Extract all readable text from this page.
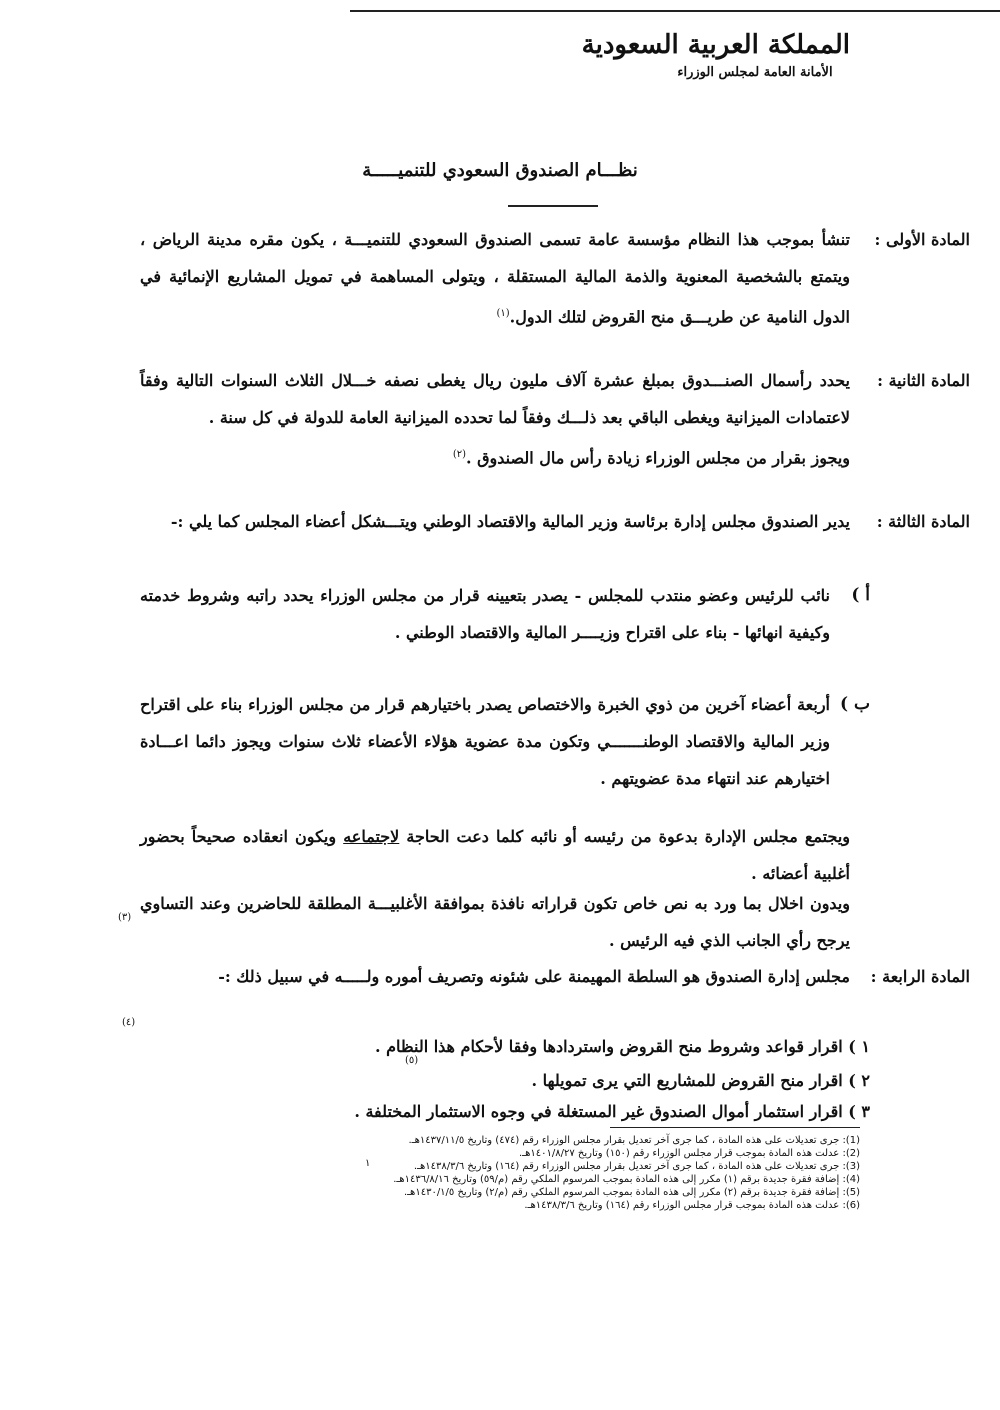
المملكة العربية السعودية
الأمانة العامة لمجلس الوزراء
نظـــام الصندوق السعودي للتنميـــــة
المادة الأولى :
تنشأ بموجب هذا النظام مؤسسة عامة تسمى الصندوق السعودي للتنميـــة ، يكون مقره مدينة الرياض ، ويتمتع بالشخصية المعنوية والذمة المالية المستقلة ، ويتولى المساهمة في تمويل المشاريع الإنمائية في الدول النامية عن طريـــق منح القروض لتلك الدول.$^{(١)}$
المادة الثانية :
يحدد رأسمال الصنـــدوق بمبلغ عشرة آلاف مليون ريال يغطى نصفه خـــلال الثلاث السنوات التالية وفقاً لاعتمادات الميزانية ويغطى الباقي بعد ذلـــك وفقاً لما تحدده الميزانية العامة للدولة في كل سنة .
ويجوز بقرار من مجلس الوزراء زيادة رأس مال الصندوق .$^{(٢)}$
المادة الثالثة :
يدير الصندوق مجلس إدارة برئاسة وزير المالية والاقتصاد الوطني ويتـــشكل أعضاء المجلس كما يلي :-
أ )
نائب للرئيس وعضو منتدب للمجلس - يصدر بتعيينه قرار من مجلس الوزراء يحدد راتبه وشروط خدمته وكيفية انهائها - بناء على اقتراح وزيــــر المالية والاقتصاد الوطني .
ب )
أربعة أعضاء آخرين من ذوي الخبرة والاختصاص يصدر باختيارهم قرار من مجلس الوزراء بناء على اقتراح وزير المالية والاقتصاد الوطنـــــــي وتكون مدة عضوية هؤلاء الأعضاء ثلاث سنوات ويجوز دائما اعـــادة اختيارهم عند انتهاء مدة عضويتهم .
ويجتمع مجلس الإدارة بدعوة من رئيسه أو نائبه كلما دعت الحاجة لاجتماعه ويكون انعقاده صحيحاً بحضور أغلبية أعضائه .
ويدون اخلال بما ورد به نص خاص تكون قراراته نافذة بموافقة الأغلبيـــة المطلقة للحاضرين وعند التساوي يرجح رأي الجانب الذي فيه الرئيس .
(٣)
المادة الرابعة :
مجلس إدارة الصندوق هو السلطة المهيمنة على شئونه وتصريف أموره ولـــــه في سبيل ذلك :-
(٤)
١ ) اقرار قواعد وشروط منح القروض واستردادها وفقا لأحكام هذا النظام .
(٥)
٢ ) اقرار منح القروض للمشاريع التي يرى تمويلها .
٣ ) اقرار استثمار أموال الصندوق غير المستغلة في وجوه الاستثمار المختلفة .
(1): جرى تعديلات على هذه المادة ، كما جرى آخر تعديل بقرار مجلس الوزراء رقم (٤٧٤) وتاريخ ١٤٣٧/١١/٥هـ.
(2): عدلت هذه المادة بموجب قرار مجلس الوزراء رقم (١٥٠) وتاريخ ١٤٠١/٨/٢٧هـ.
(3): جرى تعديلات على هذه المادة ، كما جرى آخر تعديل بقرار مجلس الوزراء رقم (١٦٤) وتاريخ ١٤٣٨/٣/٦هـ.
(4): إضافة فقرة جديدة برقم (١) مكرر إلى هذه المادة بموجب المرسوم الملكي رقم (م/٥٩) وتاريخ ١٤٣٦/٨/١٦هـ.
(5): إضافة فقرة جديدة برقم (٢) مكرر إلى هذه المادة بموجب المرسوم الملكي رقم (م/٢) وتاريخ ١٤٣٠/١/٥هـ.
(6): عدلت هذه المادة بموجب قرار مجلس الوزراء رقم (١٦٤) وتاريخ ١٤٣٨/٣/٦هـ.
١
